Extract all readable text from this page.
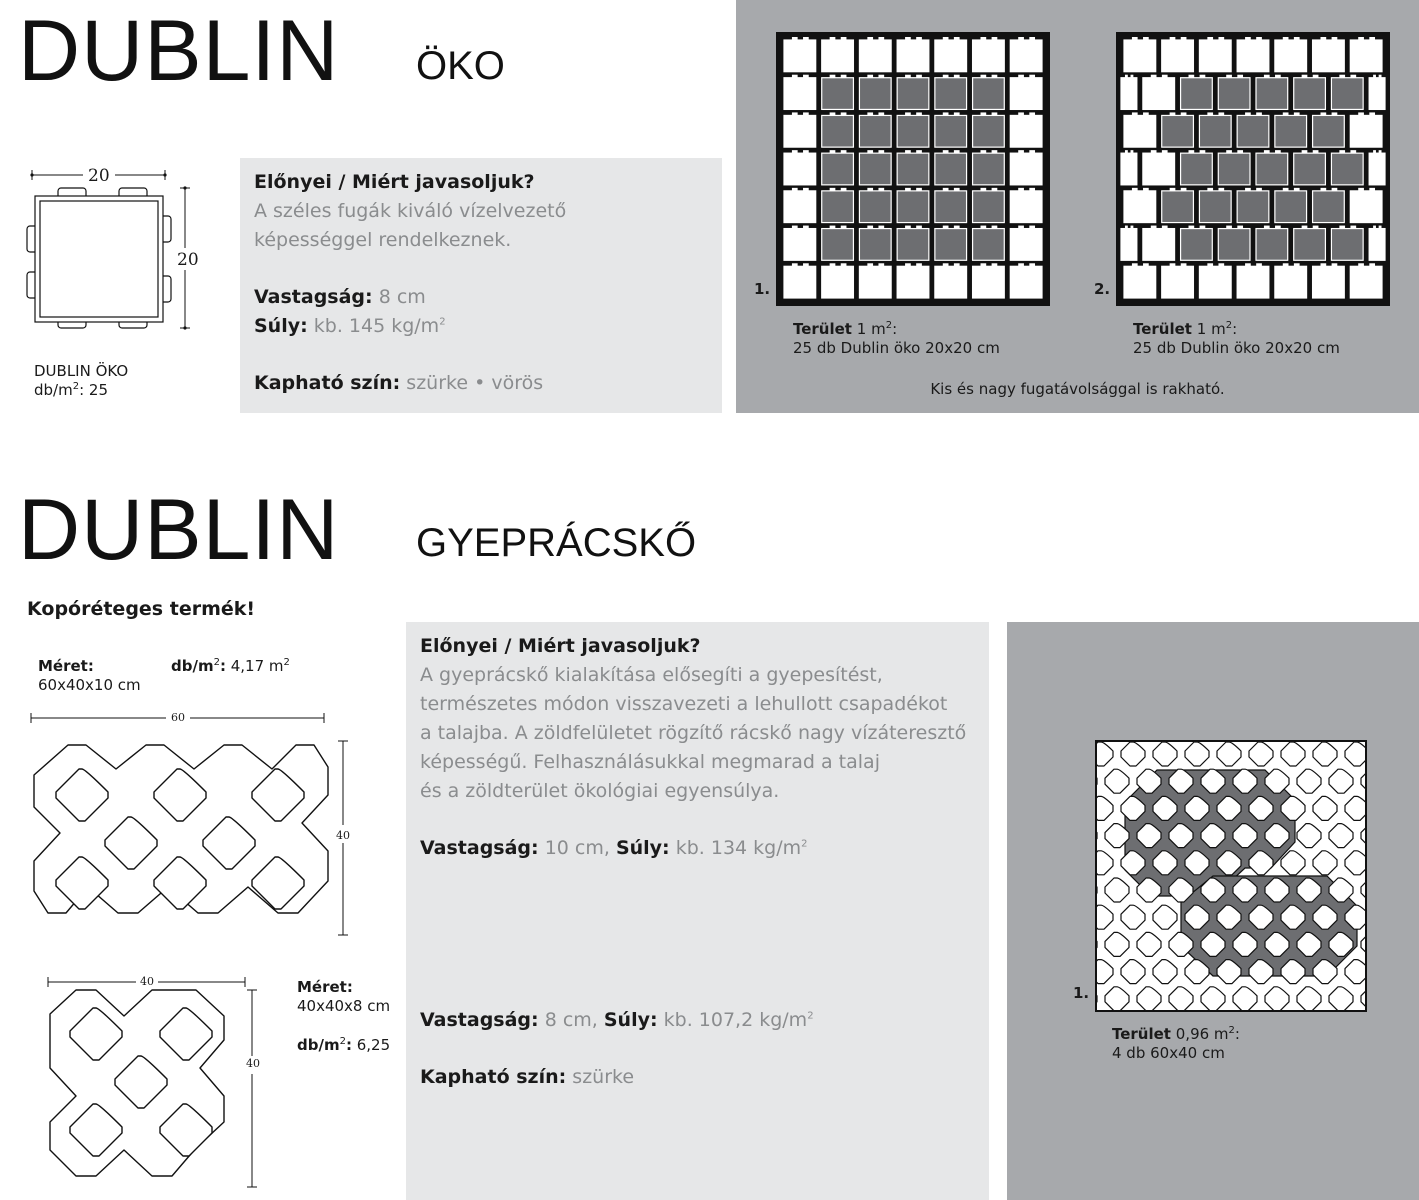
DUBLIN ÖKO
20
20
DUBLIN ÖKO
$db/m^2$: 25
Előnyei / Miért javasoljuk?
A széles fugák kiváló vízelvezető
képességgel rendelkeznek.
Vastagság: 8 cm
Súly: kb. 145 $kg/m^2$
Kapható szín: szürke • vörös
1.	2.
Terület 1 $m^2$:
25 db Dublin öko 20x20 cm
Terület 1 $m^2$:
25 db Dublin öko 20x20 cm
Kis és nagy fugatávolsággal is rakható.
DUBLIN GYEPRÁCSKŐ
Kopóréteges termék!
Méret:
60x40x10 cm
$db/m^2$: 4,17 $m^2$
60
40
40
40
Méret:
40x40x8 cm
$db/m^2$: 6,25
Előnyei / Miért javasoljuk?
A gyeprácskő kialakítása elősegíti a gyepesítést,
természetes módon visszavezeti a lehullott csapadékot
a talajba. A zöldfelületet rögzítő rácskő nagy vízáteresztő
képességű. Felhasználásukkal megmarad a talaj
és a zöldterület ökológiai egyensúlya.
Vastagság: 10 cm, Súly: kb. 134 $kg/m^2$
Vastagság: 8 cm, Súly: kb. 107,2 $kg/m^2$
Kapható szín: szürke
1.
Terület 0,96 $m^2$:
4 db 60x40 cm
